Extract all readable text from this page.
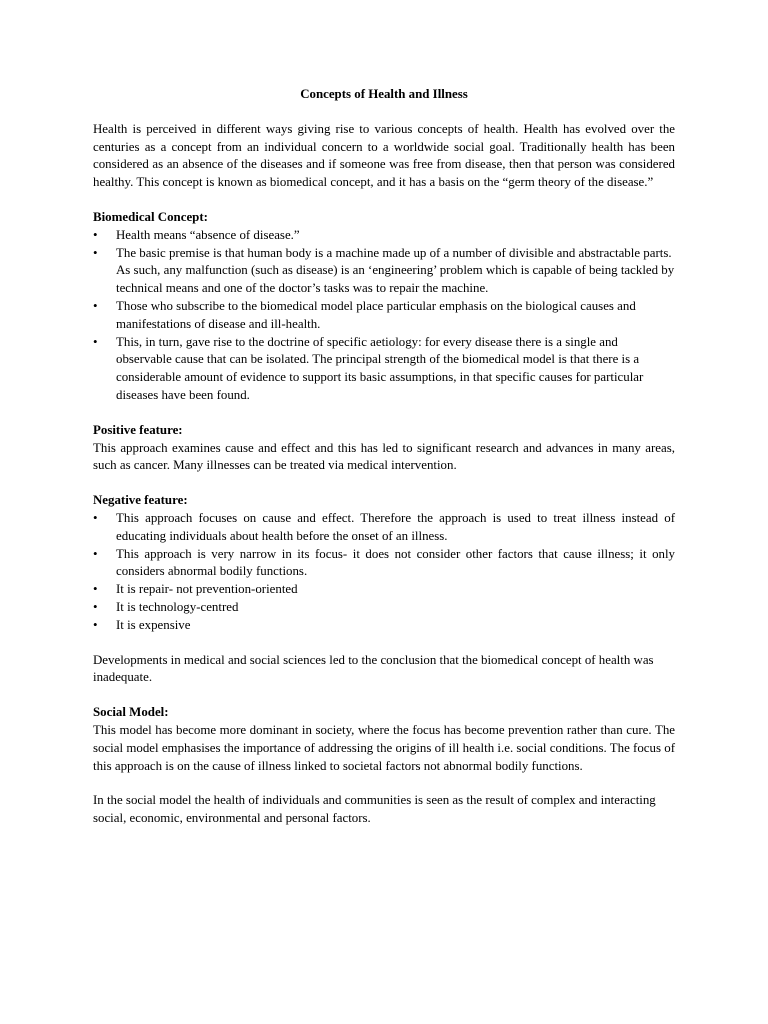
Concepts of Health and Illness

Health is perceived in different ways giving rise to various concepts of health. Health has evolved over the centuries as a concept from an individual concern to a worldwide social goal. Traditionally health has been considered as an absence of the diseases and if someone was free from disease, then that person was considered healthy. This concept is known as biomedical concept, and it has a basis on the “germ theory of the disease.”

Biomedical Concept:

•	Health means “absence of disease.”
•	The basic premise is that human body is a machine made up of a number of divisible and abstractable parts. As such, any malfunction (such as disease) is an ‘engineering’ problem which is capable of being tackled by technical means and one of the doctor’s tasks was to repair the machine.
•	Those who subscribe to the biomedical model place particular emphasis on the biological causes and manifestations of disease and ill-health.
•	This, in turn, gave rise to the doctrine of specific aetiology: for every disease there is a single and observable cause that can be isolated. The principal strength of the biomedical model is that there is a considerable amount of evidence to support its basic assumptions, in that specific causes for particular diseases have been found.

Positive feature:

This approach examines cause and effect and this has led to significant research and advances in many areas, such as cancer. Many illnesses can be treated via medical intervention.

Negative feature:

•	This approach focuses on cause and effect. Therefore the approach is used to treat illness instead of educating individuals about health before the onset of an illness.
•	This approach is very narrow in its focus- it does not consider other factors that cause illness; it only considers abnormal bodily functions.
•	It is repair- not prevention-oriented
•	It is technology-centred
•	It is expensive

Developments in medical and social sciences led to the conclusion that the biomedical concept of health was inadequate.

Social Model:

This model has become more dominant in society, where the focus has become prevention rather than cure. The social model emphasises the importance of addressing the origins of ill health i.e. social conditions. The focus of this approach is on the cause of illness linked to societal factors not abnormal bodily functions.

In the social model the health of individuals and communities is seen as the result of complex and interacting social, economic, environmental and personal factors.
